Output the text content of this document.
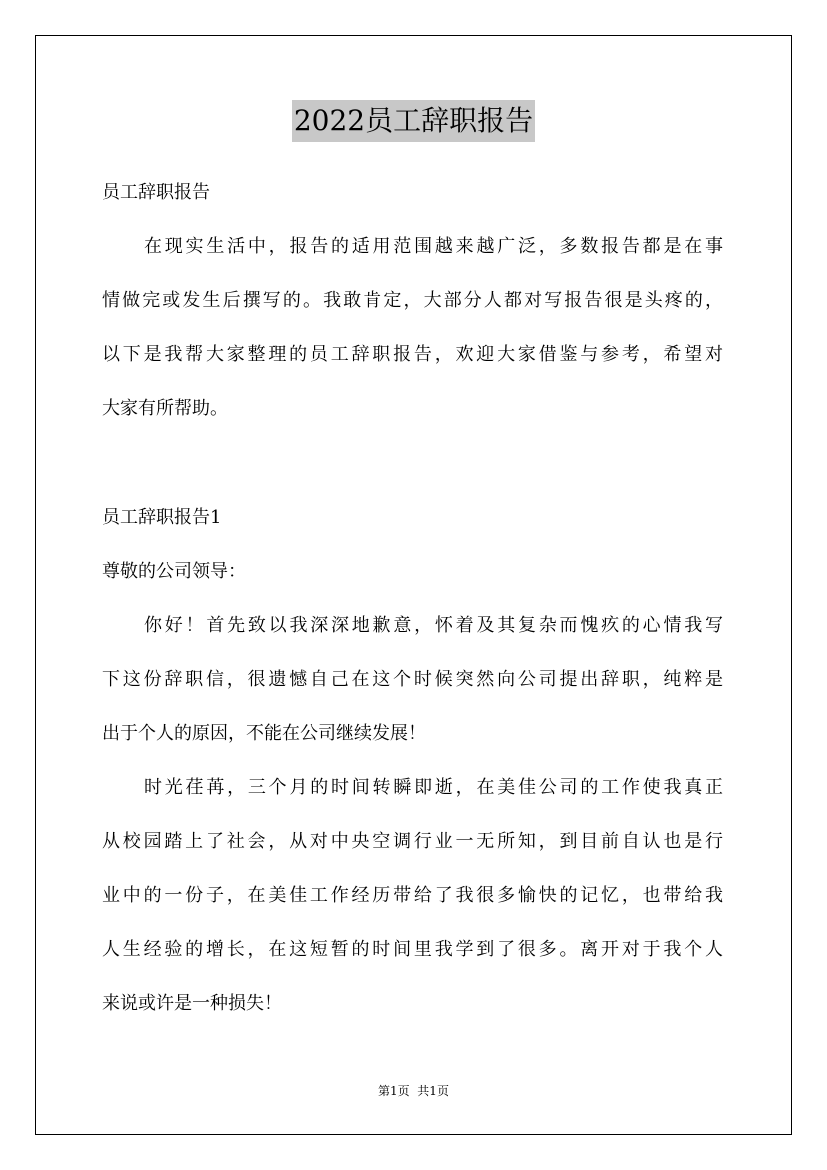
2022员工辞职报告
员工辞职报告
在现实生活中，报告的适用范围越来越广泛，多数报告都是在事
情做完或发生后撰写的。我敢肯定，大部分人都对写报告很是头疼的，
以下是我帮大家整理的员工辞职报告，欢迎大家借鉴与参考，希望对
大家有所帮助。
员工辞职报告1
尊敬的公司领导：
你好！首先致以我深深地歉意，怀着及其复杂而愧疚的心情我写
下这份辞职信，很遗憾自己在这个时候突然向公司提出辞职，纯粹是
出于个人的原因，不能在公司继续发展！
时光荏苒，三个月的时间转瞬即逝，在美佳公司的工作使我真正
从校园踏上了社会，从对中央空调行业一无所知，到目前自认也是行
业中的一份子，在美佳工作经历带给了我很多愉快的记忆，也带给我
人生经验的增长，在这短暂的时间里我学到了很多。离开对于我个人
来说或许是一种损失！
第1页  共1页
